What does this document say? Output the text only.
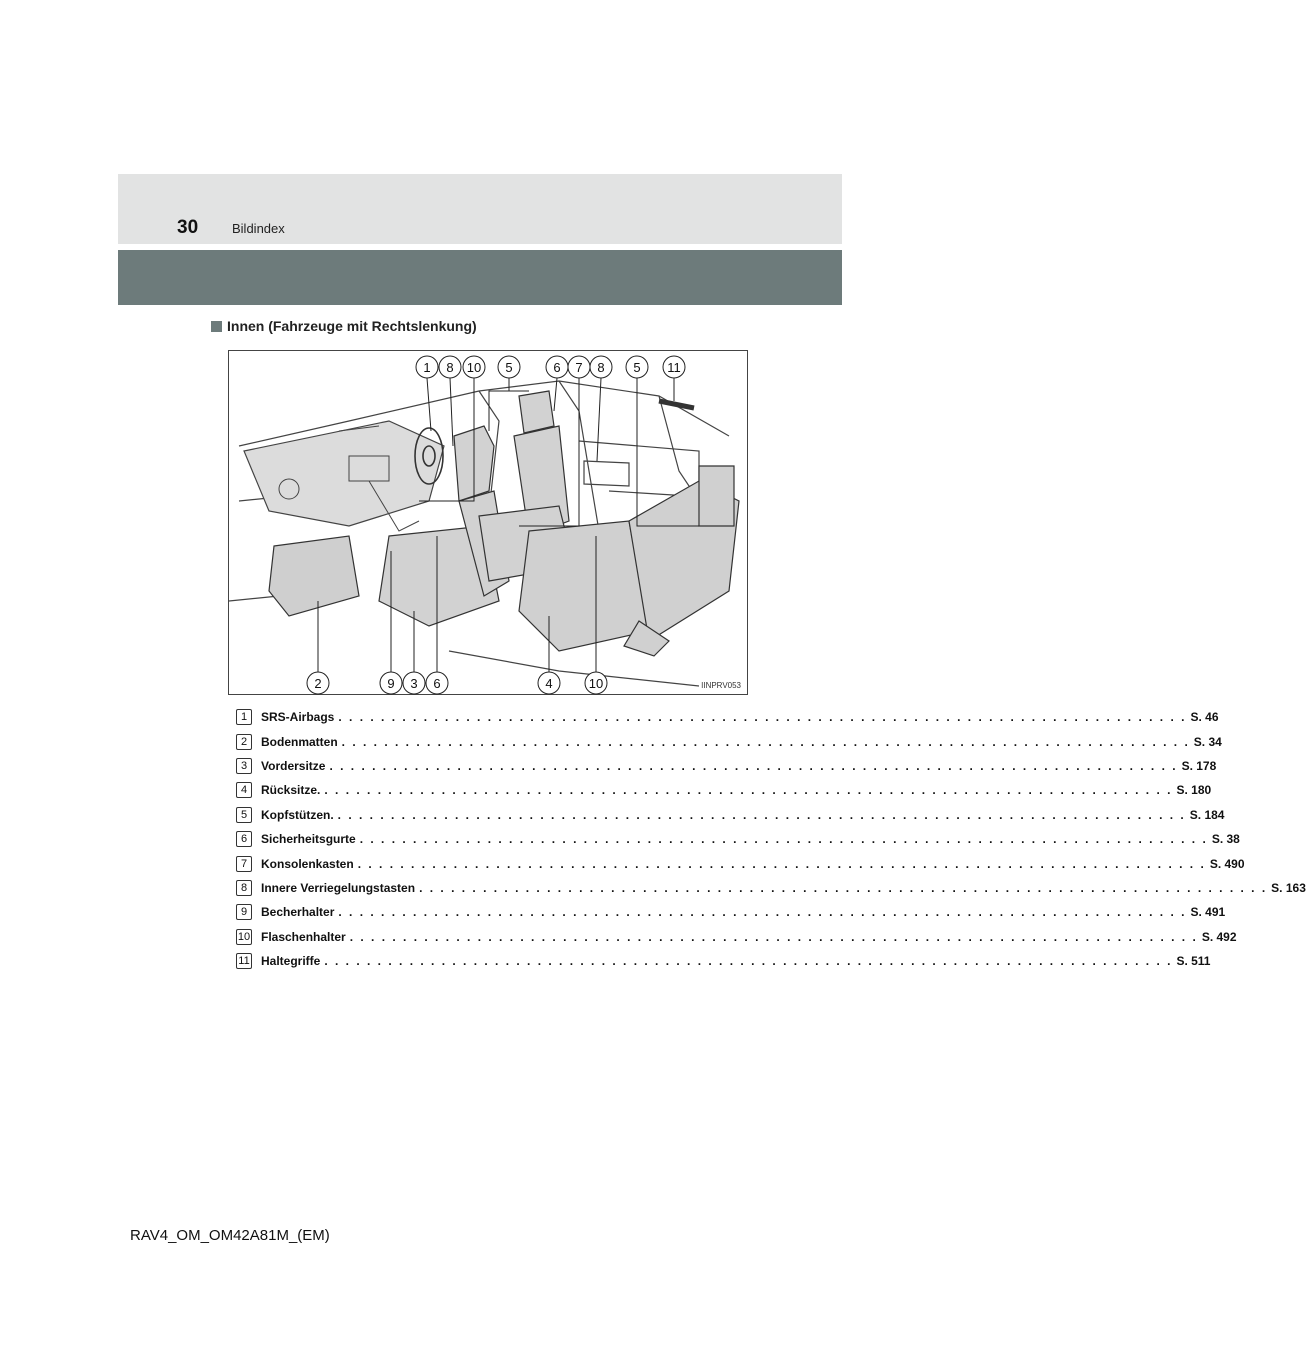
30	Bildindex
Innen (Fahrzeuge mit Rechtslenkung)
1 8 10 5	6 7 8 5 11
2	9 3 6	4	10	IINPRV053
1	SRS-Airbags . . . . . . . . . . . . . . . . . . . . . . . . . . . . . . . . . . . . . . . . . . . . . . . . . . . . . . . . . . . . . . . . . . . . . . . . . . . . . . . . S. 46
2	Bodenmatten . . . . . . . . . . . . . . . . . . . . . . . . . . . . . . . . . . . . . . . . . . . . . . . . . . . . . . . . . . . . . . . . . . . . . . . . . . . . . . . . S. 34
3	Vordersitze . . . . . . . . . . . . . . . . . . . . . . . . . . . . . . . . . . . . . . . . . . . . . . . . . . . . . . . . . . . . . . . . . . . . . . . . . . . . . . . . S. 178
4	Rücksitze. . . . . . . . . . . . . . . . . . . . . . . . . . . . . . . . . . . . . . . . . . . . . . . . . . . . . . . . . . . . . . . . . . . . . . . . . . . . . . . . . S. 180
5	Kopfstützen. . . . . . . . . . . . . . . . . . . . . . . . . . . . . . . . . . . . . . . . . . . . . . . . . . . . . . . . . . . . . . . . . . . . . . . . . . . . . . . . . S. 184
6	Sicherheitsgurte . . . . . . . . . . . . . . . . . . . . . . . . . . . . . . . . . . . . . . . . . . . . . . . . . . . . . . . . . . . . . . . . . . . . . . . . . . . . . . . . S. 38
7	Konsolenkasten . . . . . . . . . . . . . . . . . . . . . . . . . . . . . . . . . . . . . . . . . . . . . . . . . . . . . . . . . . . . . . . . . . . . . . . . . . . . . . . . S. 490
8	Innere Verriegelungstasten . . . . . . . . . . . . . . . . . . . . . . . . . . . . . . . . . . . . . . . . . . . . . . . . . . . . . . . . . . . . . . . . . . . . . . . . . . . . . . . . S. 163
9	Becherhalter . . . . . . . . . . . . . . . . . . . . . . . . . . . . . . . . . . . . . . . . . . . . . . . . . . . . . . . . . . . . . . . . . . . . . . . . . . . . . . . . S. 491
10 Flaschenhalter . . . . . . . . . . . . . . . . . . . . . . . . . . . . . . . . . . . . . . . . . . . . . . . . . . . . . . . . . . . . . . . . . . . . . . . . . . . . . . . . S. 492
11 Haltegriffe . . . . . . . . . . . . . . . . . . . . . . . . . . . . . . . . . . . . . . . . . . . . . . . . . . . . . . . . . . . . . . . . . . . . . . . . . . . . . . . . S. 511
RAV4_OM_OM42A81M_(EM)
